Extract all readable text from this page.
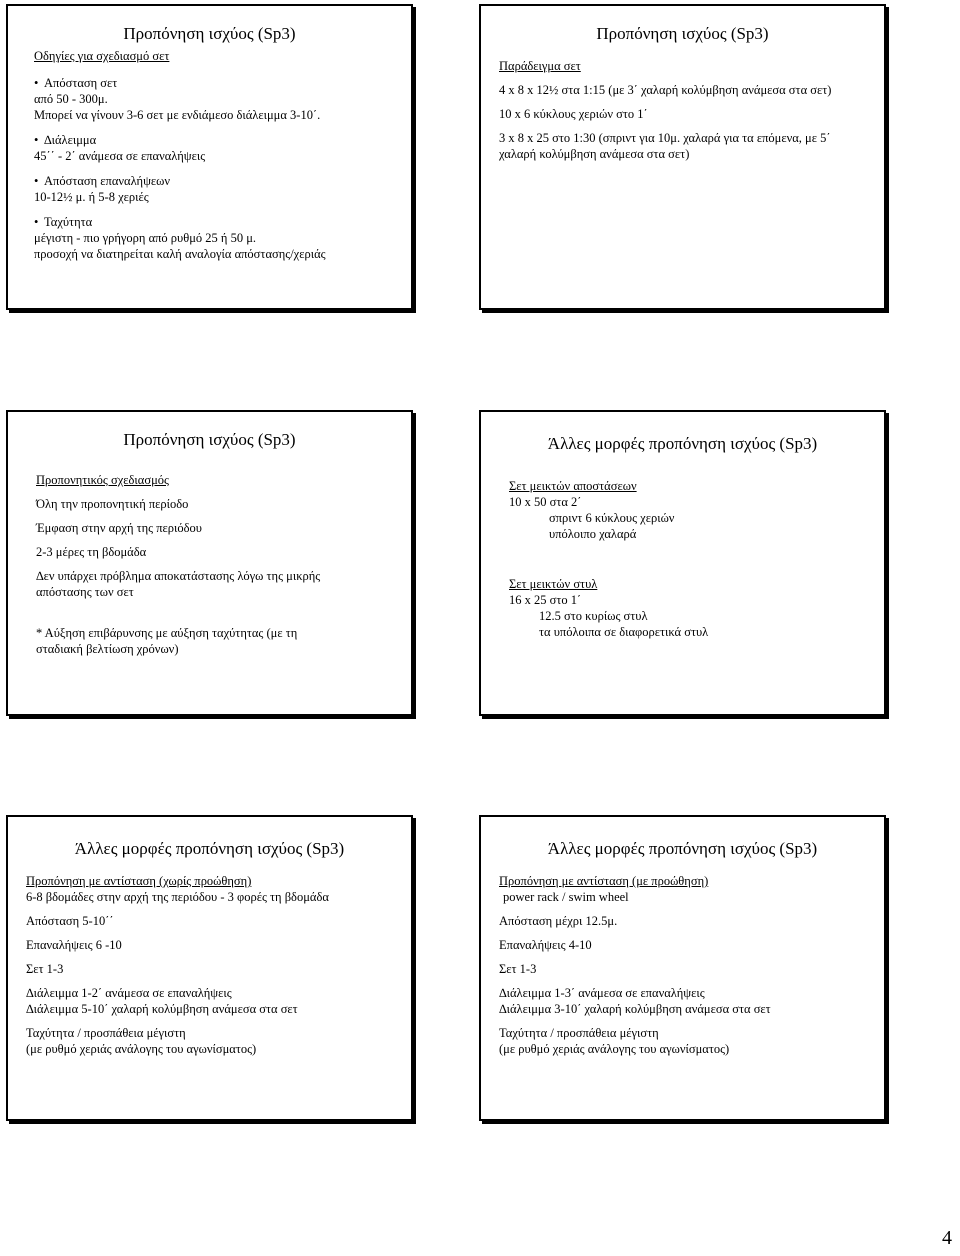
Προπόνηση ισχύος (Sp3)

Οδηγίες για σχεδιασμό σετ

• Απόσταση σετ
από 50 - 300μ.
Μπορεί να γίνουν 3-6 σετ με ενδιάμεσο διάλειμμα 3-10΄.
• ∆ιάλειμμα
45΄΄ - 2΄ ανάμεσα σε επαναλήψεις
• Απόσταση επαναλήψεων
10-12½ μ. ή 5-8 χεριές
• Ταχύτητα
μέγιστη - πιο γρήγορη από ρυθμό 25 ή 50 μ.
προσοχή να διατηρείται καλή αναλογία απόστασης/χεριάς
Προπόνηση ισχύος (Sp3)

Παράδειγμα σετ

4 x 8 x 12½ στα 1:15 (με 3΄ χαλαρή κολύμβηση ανάμεσα στα σετ)

10 x 6 κύκλους χεριών στο 1΄

3 x 8 x 25 στο 1:30 (σπριντ για 10μ. χαλαρά για τα επόμενα, με 5΄

χαλαρή κολύμβηση ανάμεσα στα σετ)

Προπόνηση ισχύος (Sp3)

Προπονητικός σχεδιασμός

Όλη την προπονητική περίοδο

Έμφαση στην αρχή της περιόδου

2-3 μέρες τη βδομάδα

∆εν υπάρχει πρόβλημα αποκατάστασης λόγω της μικρής

απόστασης των σετ

* Αύξηση επιβάρυνσης με αύξηση ταχύτητας (με τη

σταδιακή βελτίωση χρόνων)

Άλλες μορφές προπόνηση ισχύος (Sp3)

Σετ μεικτών αποστάσεων

10 x 50 στα 2΄

σπριντ 6 κύκλους χεριών

υπόλοιπο χαλαρά

Σετ μεικτών στυλ

16 x 25 στο 1΄

12.5 στο κυρίως στυλ

τα υπόλοιπα σε διαφορετικά στυλ

Άλλες μορφές προπόνηση ισχύος (Sp3)

Προπόνηση με αντίσταση (χωρίς προώθηση)

6-8 βδομάδες στην αρχή της περιόδου - 3 φορές τη βδομάδα

Απόσταση 5-10΄΄

Επαναλήψεις 6 -10

Σετ 1-3

∆ιάλειμμα 1-2΄ ανάμεσα σε επαναλήψεις

∆ιάλειμμα 5-10΄ χαλαρή κολύμβηση ανάμεσα στα σετ

Ταχύτητα / προσπάθεια μέγιστη

(με ρυθμό χεριάς ανάλογης του αγωνίσματος)

Άλλες μορφές προπόνηση ισχύος (Sp3)

Προπόνηση με αντίσταση (με προώθηση)

power rack / swim wheel

Απόσταση μέχρι 12.5μ.

Επαναλήψεις 4-10

Σετ 1-3

∆ιάλειμμα 1-3΄ ανάμεσα σε επαναλήψεις

∆ιάλειμμα 3-10΄ χαλαρή κολύμβηση ανάμεσα στα σετ

Ταχύτητα / προσπάθεια μέγιστη

(με ρυθμό χεριάς ανάλογης του αγωνίσματος)

4
